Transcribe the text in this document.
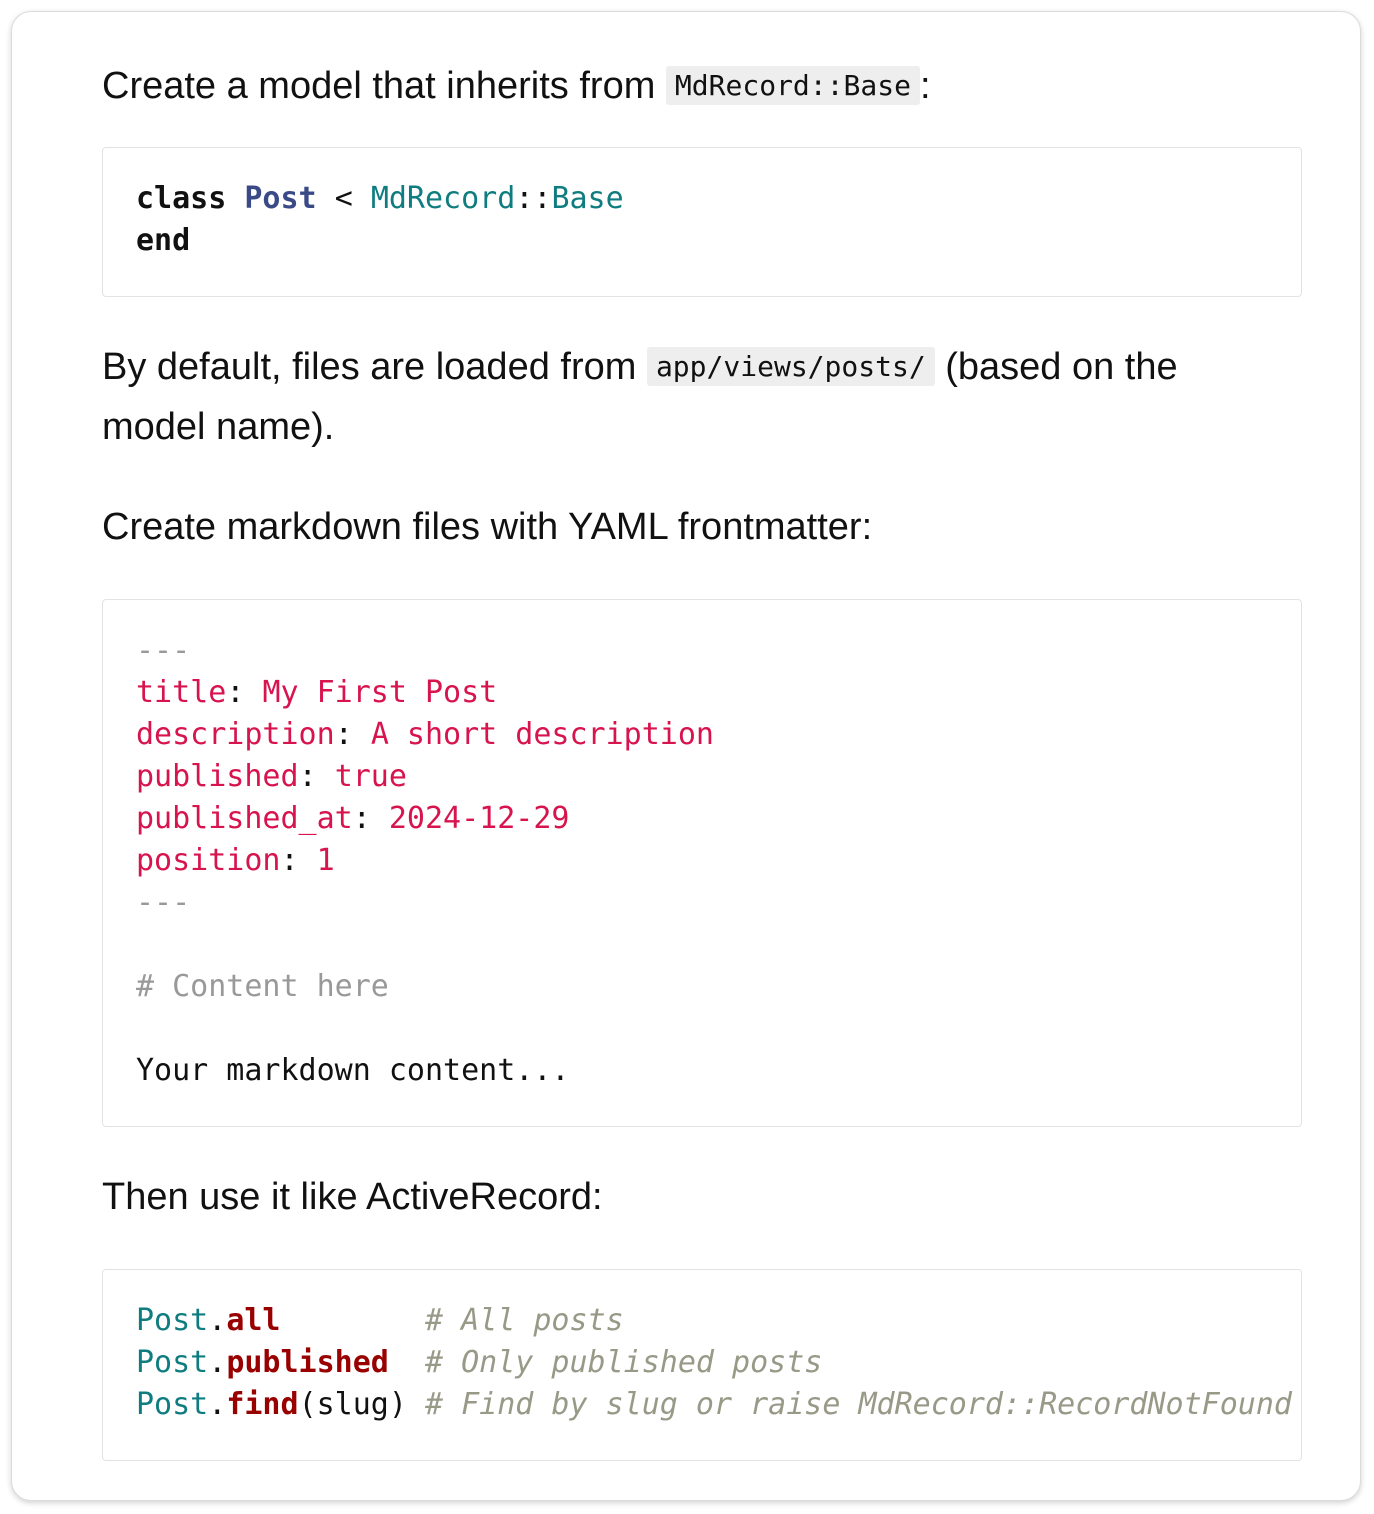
Create a model that inherits from MdRecord::Base :

class Post < MdRecord::Base
end

By default, files are loaded from app/views/posts/ (based on the model name).

Create markdown files with YAML frontmatter:

---
title: My First Post
description: A short description
published: true
published_at: 2024-12-29
position: 1
---
# Content here
Your markdown content...

Then use it like ActiveRecord:

Post.all	# All posts
Post.published # Only published posts
Post.find(slug) # Find by slug or raise MdRecord::RecordNotFound
